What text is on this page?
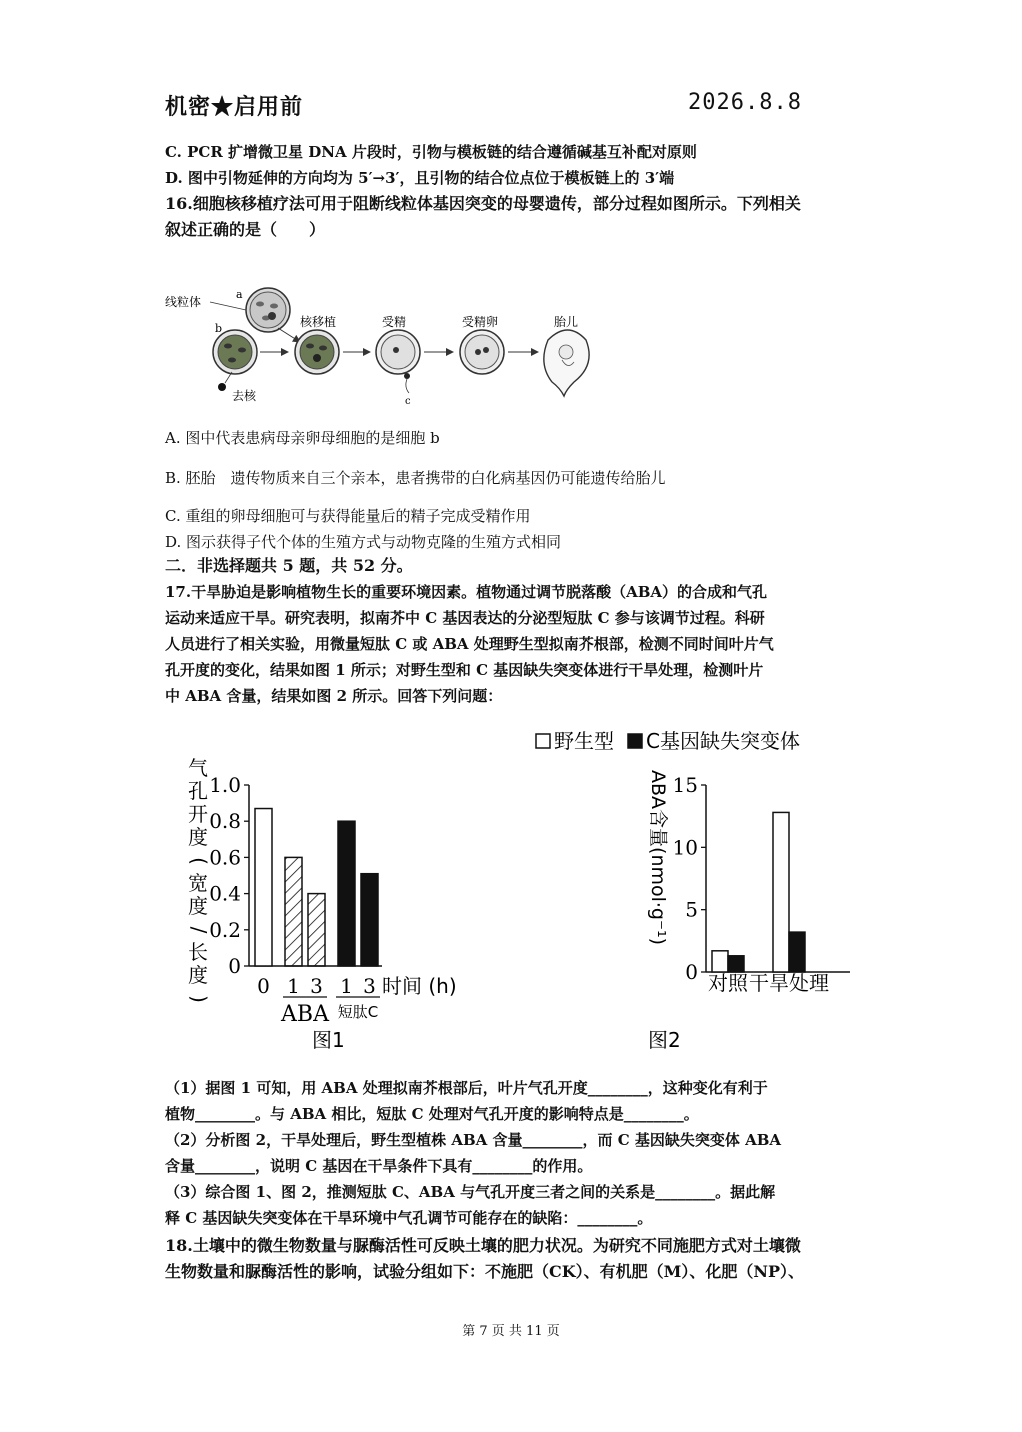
机密★启用前	2026.8.8
C. PCR 扩增微卫星 DNA 片段时，引物与模板链的结合遵循碱基互补配对原则
D. 图中引物延伸的方向均为 5′→3′，且引物的结合位点位于模板链上的 3′端
16.细胞核移植疗法可用于阻断线粒体基因突变的母婴遗传，部分过程如图所示。下列相关
叙述正确的是（　　）
线粒体
a
b
去核
核移植	受精
c
受精卵	胎儿
A. 图中代表患病母亲卵母细胞的是细胞 b
B. 胚胎　遗传物质来自三个亲本，患者携带的白化病基因仍可能遗传给胎儿
C. 重组的卵母细胞可与获得能量后的精子完成受精作用
D. 图示获得子代个体的生殖方式与动物克隆的生殖方式相同
二．非选择题共 5 题，共 52 分。
17.干旱胁迫是影响植物生长的重要环境因素。植物通过调节脱落酸（ABA）的合成和气孔
运动来适应干旱。研究表明，拟南芥中 C 基因表达的分泌型短肽 C 参与该调节过程。科研
人员进行了相关实验，用微量短肽 C 或 ABA 处理野生型拟南芥根部，检测不同时间叶片气
孔开度的变化，结果如图 1 所示；对野生型和 C 基因缺失突变体进行干旱处理，检测叶片
中 ABA 含量，结果如图 2 所示。回答下列问题：
野生型 C基因缺失突变体
气
孔
开
度
(
宽
度
/
长
度
)
0
0.2
0.4
0.6
0.8
1.0
0 1 3
ABA
1 3
短肽C
时间 (h)
图1
ABA含量(nmol·g⁻¹)
0
5
10
15
对照 干旱处理
图2
（1）据图 1 可知，用 ABA 处理拟南芥根部后，叶片气孔开度________，这种变化有利于
植物________。与 ABA 相比，短肽 C 处理对气孔开度的影响特点是________。
（2）分析图 2，干旱处理后，野生型植株 ABA 含量________，而 C 基因缺失突变体 ABA
含量________，说明 C 基因在干旱条件下具有________的作用。
（3）综合图 1、图 2，推测短肽 C、ABA 与气孔开度三者之间的关系是________。据此解
释 C 基因缺失突变体在干旱环境中气孔调节可能存在的缺陷：________。
18.土壤中的微生物数量与脲酶活性可反映土壤的肥力状况。为研究不同施肥方式对土壤微
生物数量和脲酶活性的影响，试验分组如下：不施肥（CK）、有机肥（M）、化肥（NP）、
第 7 页 共 11 页
